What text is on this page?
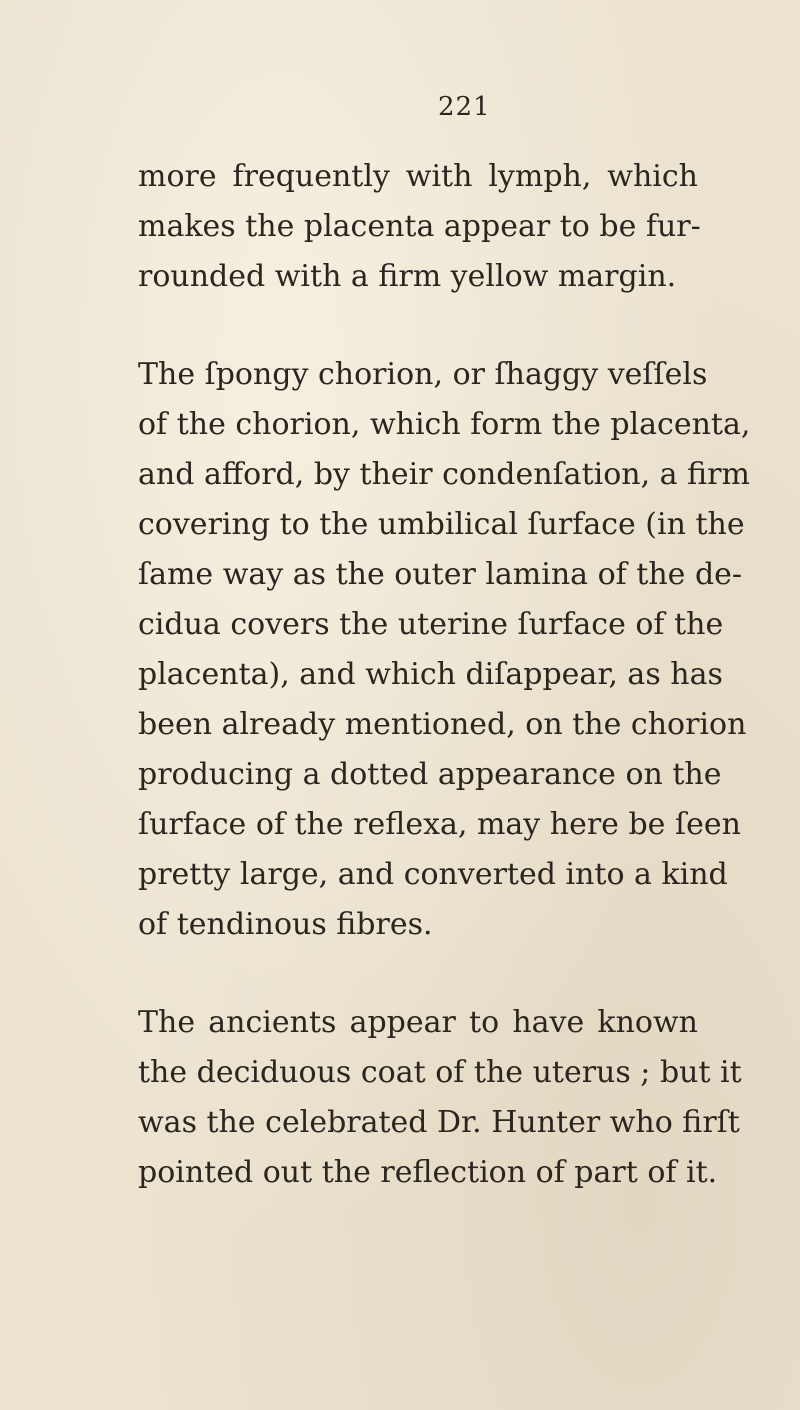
221
more frequently with lymph, which
makes the placenta appear to be fur-
rounded with a firm yellow margin.
The ſpongy chorion, or ſhaggy veſſels
of the chorion, which form the placenta,
and afford, by their condenſation, a firm
covering to the umbilical ſurface (in the
ſame way as the outer lamina of the de-
cidua covers the uterine ſurface of the
placenta), and which diſappear, as has
been already mentioned, on the chorion
producing a dotted appearance on the
ſurface of the reflexa, may here be ſeen
pretty large, and converted into a kind
of tendinous fibres.
The ancients appear to have known
the deciduous coat of the uterus ; but it
was the celebrated Dr. Hunter who firſt
pointed out the reflection of part of it.
